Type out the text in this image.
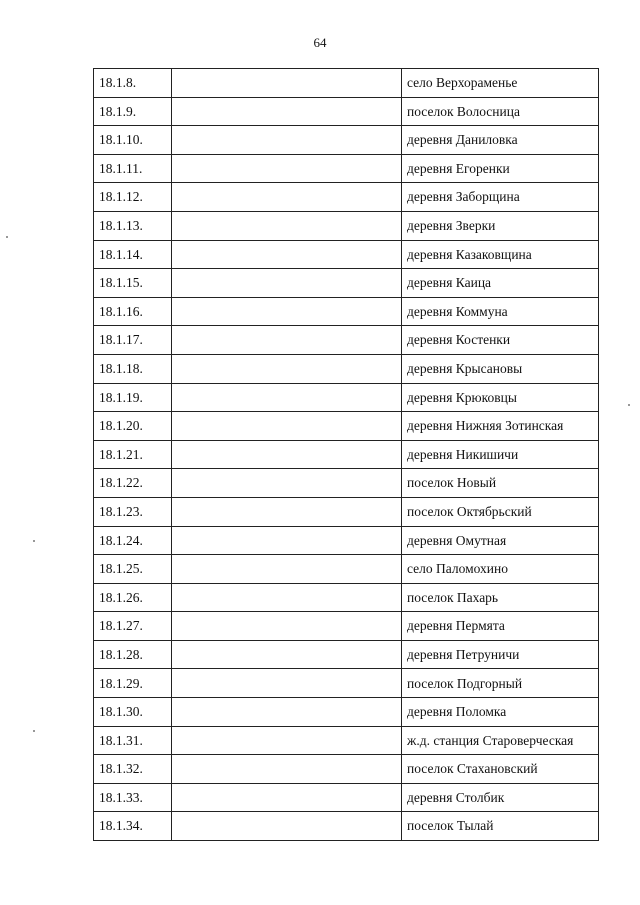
64
18.1.8.		село Верхораменье
18.1.9.		поселок Волосница
18.1.10.		деревня Даниловка
18.1.11.		деревня Егоренки
18.1.12.		деревня Заборщина
18.1.13.		деревня Зверки
18.1.14.		деревня Казаковщина
18.1.15.		деревня Каица
18.1.16.		деревня Коммуна
18.1.17.		деревня Костенки
18.1.18.		деревня Крысановы
18.1.19.		деревня Крюковцы
18.1.20.		деревня Нижняя Зотинская
18.1.21.		деревня Никишичи
18.1.22.		поселок Новый
18.1.23.		поселок Октябрьский
18.1.24.		деревня Омутная
18.1.25.		село Паломохино
18.1.26.		поселок Пахарь
18.1.27.		деревня Пермята
18.1.28.		деревня Петруничи
18.1.29.		поселок Подгорный
18.1.30.		деревня Поломка
18.1.31.		ж.д. станция Староверческая
18.1.32.		поселок Стахановский
18.1.33.		деревня Столбик
18.1.34.		поселок Тылай
